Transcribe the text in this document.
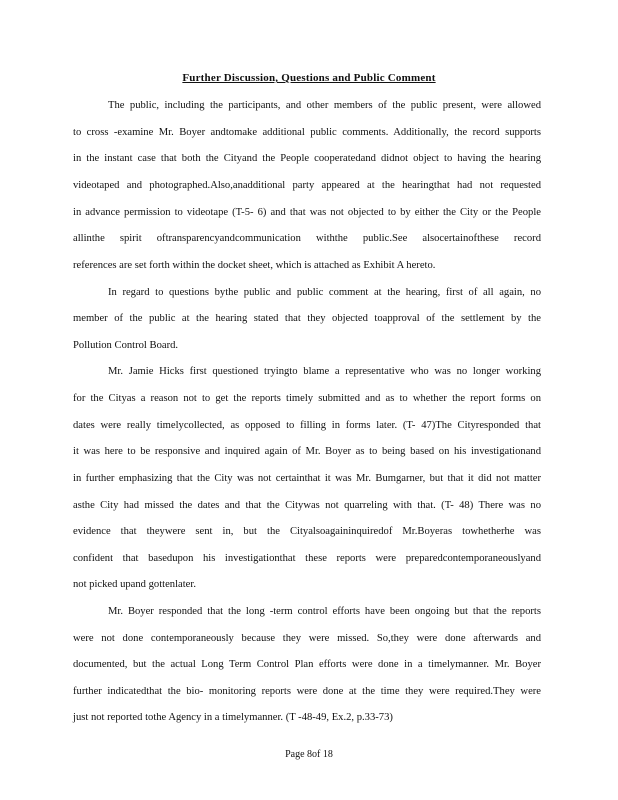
Further Discussion, Questions and Public Comment
The public, including the participants, and other members of the public present, were allowed
to cross -examine Mr. Boyer andtomake additional public comments. Additionally, the record supports
in the instant case that both the Cityand the People cooperatedand didnot object to having the hearing
videotaped and photographed.Also,anadditional party appeared at the hearingthat had not requested
in advance permission to videotape (T-5- 6) and that was not objected to by either the City or the People
allinthe spirit oftransparencyandcommunication withthe public.See alsocertainofthese record
references are set forth within the docket sheet, which is attached as Exhibit A hereto.
In regard to questions bythe public and public comment at the hearing, first of all again, no
member of the public at the hearing stated that they objected toapproval of the settlement by the
Pollution Control Board.
Mr. Jamie Hicks first questioned tryingto blame a representative who was no longer working
for the Cityas a reason not to get the reports timely submitted and as to whether the report forms on
dates were really timelycollected, as opposed to filling in forms later. (T- 47)The Cityresponded that
it was here to be responsive and inquired again of Mr. Boyer as to being based on his investigationand
in further emphasizing that the City was not certainthat it was Mr. Bumgarner, but that it did not matter
asthe City had missed the dates and that the Citywas not quarreling with that. (T- 48) There was no
evidence that theywere sent in, but the Cityalsoagaininquiredof Mr.Boyeras towhetherhe was
confident that basedupon his investigationthat these reports were preparedcontemporaneouslyand
not picked upand gottenlater.
Mr. Boyer responded that the long -term control efforts have been ongoing but that the reports
were not done contemporaneously because they were missed. So,they were done afterwards and
documented, but the actual Long Term Control Plan efforts were done in a timelymanner. Mr. Boyer
further indicatedthat the bio- monitoring reports were done at the time they were required.They were
just not reported tothe Agency in a timelymanner. (T -48-49, Ex.2, p.33-73)
Page 8of 18
